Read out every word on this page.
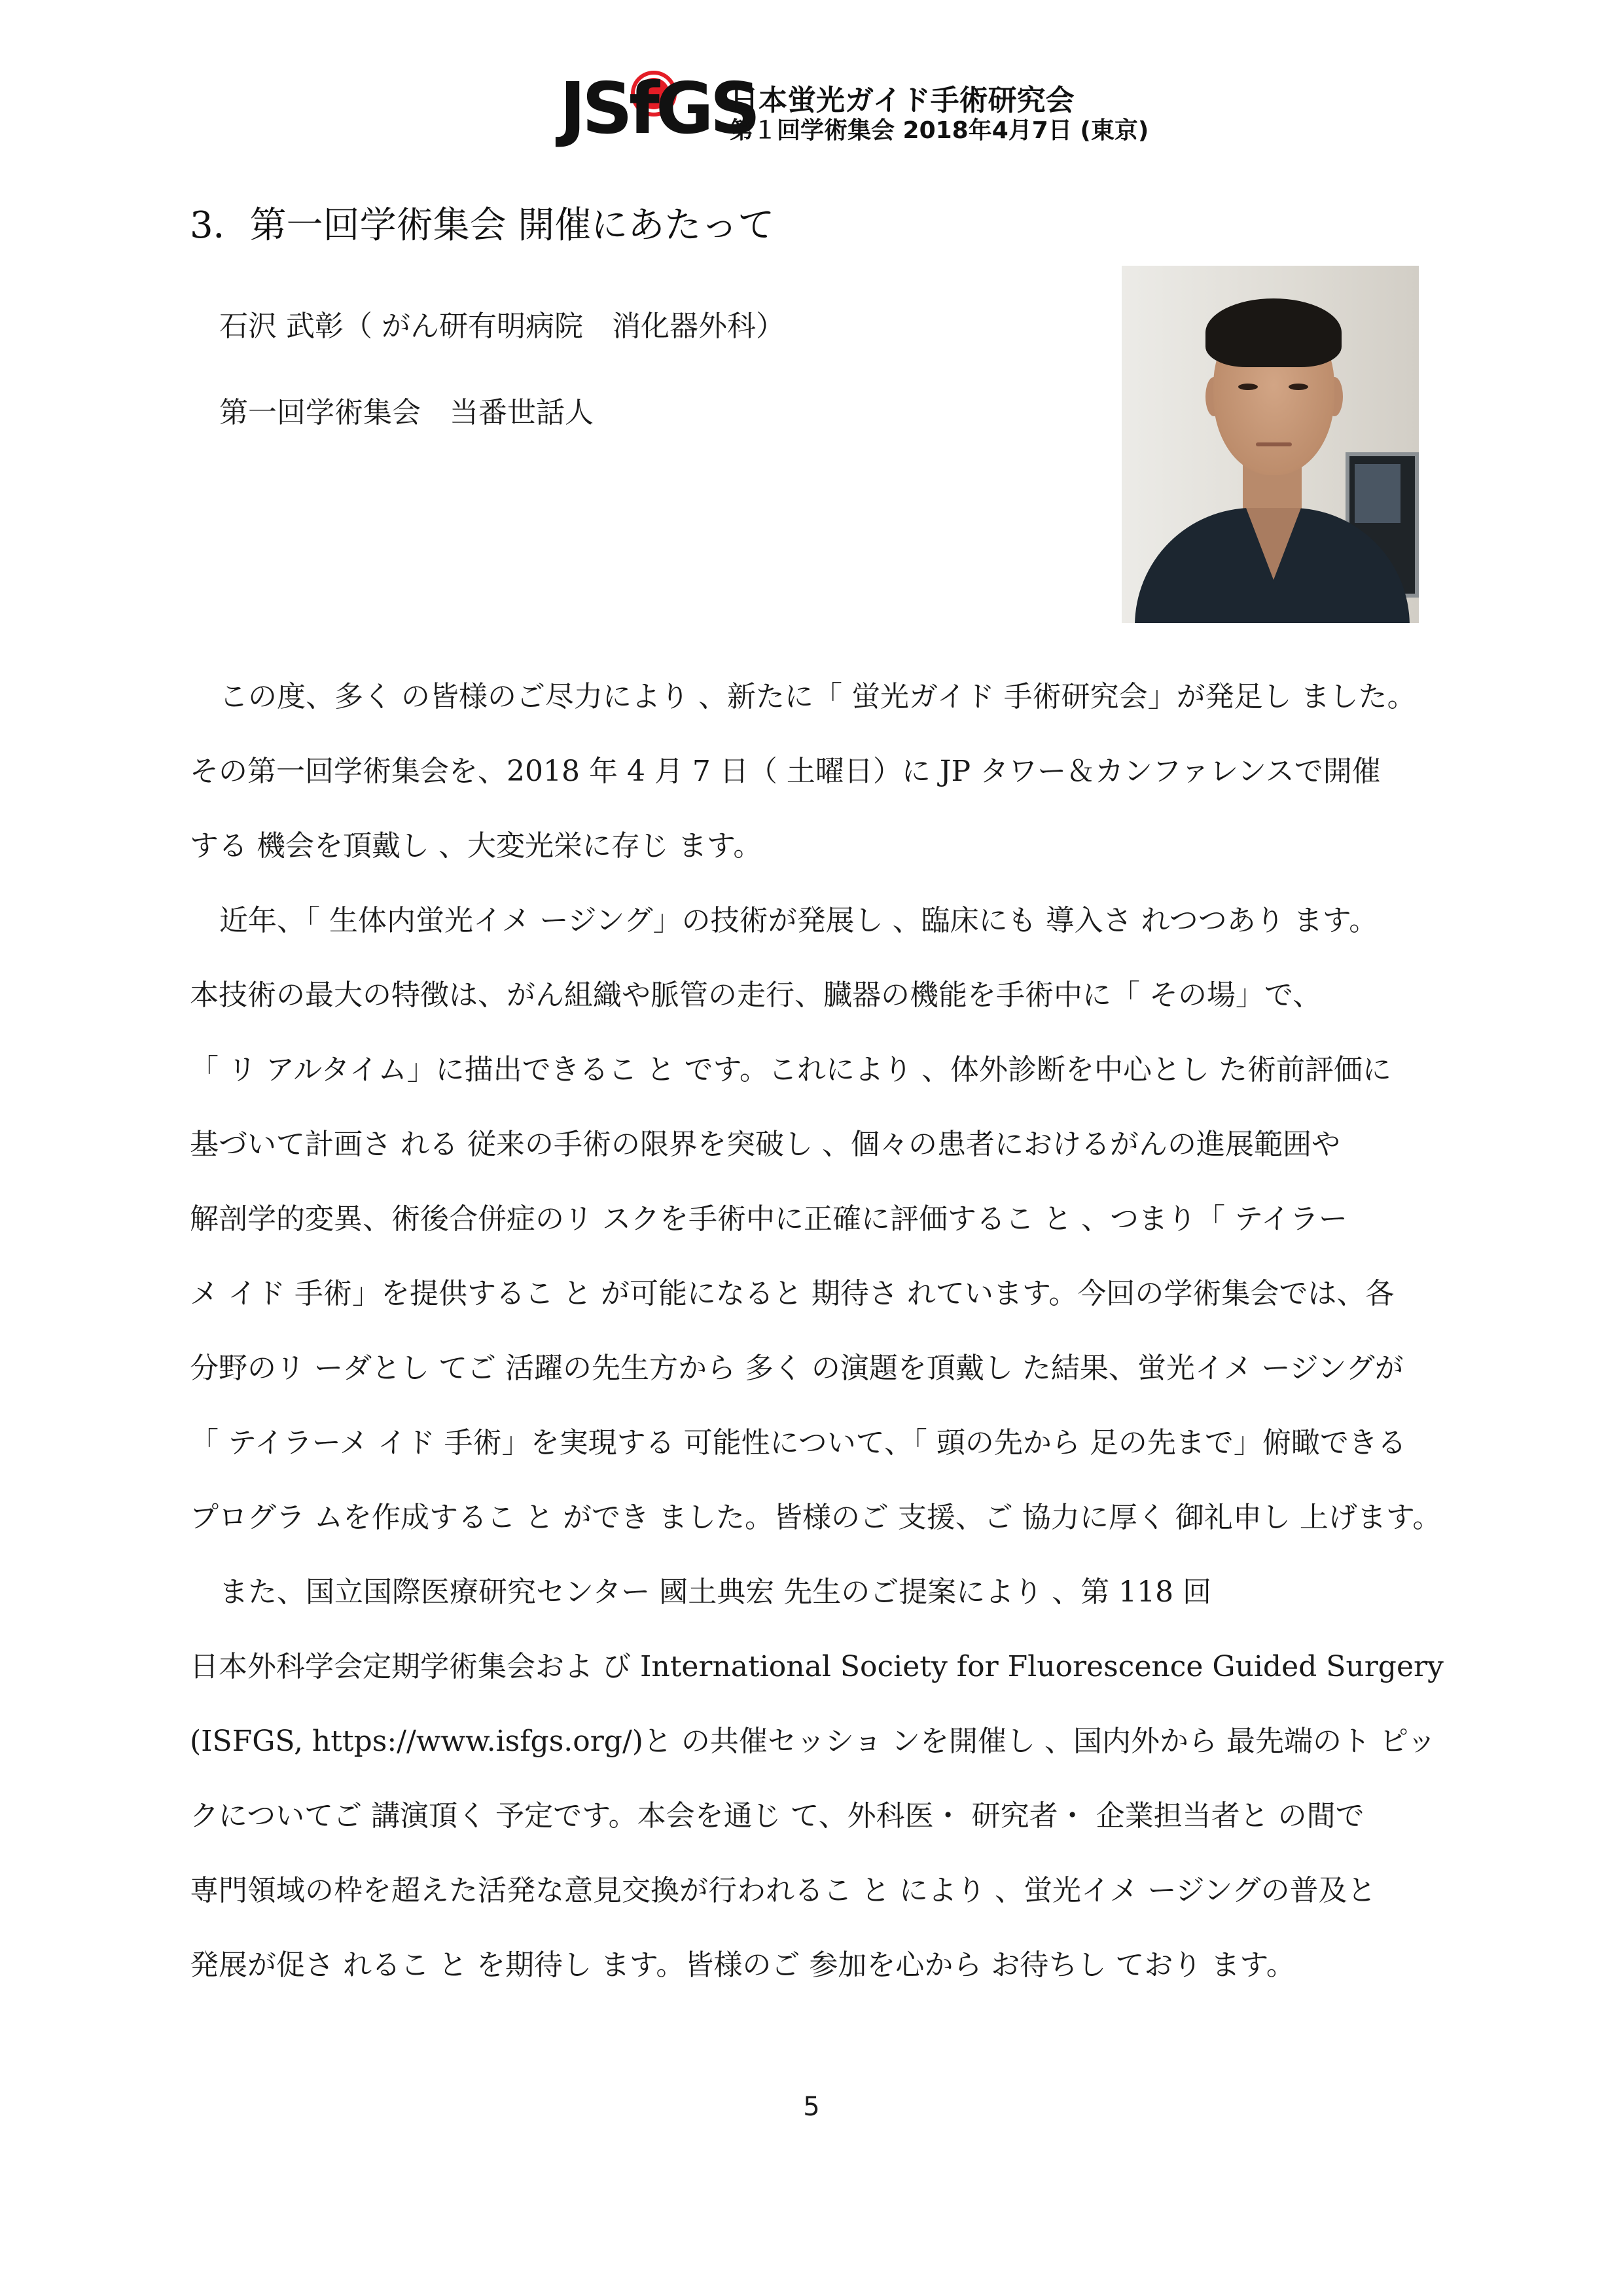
JSfGS
日本蛍光ガイド手術研究会
第１回学術集会 2018年4月7日 (東京)
3．第一回学術集会 開催にあたって
石沢 武彰（ がん研有明病院　消化器外科）
第一回学術集会　当番世話人
この度、多く の皆様のご尽力により 、新たに「 蛍光ガイド 手術研究会」が発足し ました。
その第一回学術集会を、2018 年 4 月 7 日（ 土曜日）に JP タワー＆カンファレンスで開催
する 機会を頂戴し 、大変光栄に存じ ます。
近年、「 生体内蛍光イメ ージング」の技術が発展し 、臨床にも 導入さ れつつあり ます。
本技術の最大の特徴は、がん組織や脈管の走行、臓器の機能を手術中に「 その場」で、
「 リ アルタイム」に描出できるこ と です。これにより 、体外診断を中心とし た術前評価に
基づいて計画さ れる 従来の手術の限界を突破し 、個々の患者におけるがんの進展範囲や
解剖学的変異、術後合併症のリ スクを手術中に正確に評価するこ と 、つまり「 テイラー
メ イド 手術」を提供するこ と が可能になると 期待さ れています。今回の学術集会では、各
分野のリ ーダとし てご 活躍の先生方から 多く の演題を頂戴し た結果、蛍光イメ ージングが
「 テイラーメ イド 手術」を実現する 可能性について、「 頭の先から 足の先まで」俯瞰できる
プログラ ムを作成するこ と ができ ました。皆様のご 支援、ご 協力に厚く 御礼申し 上げます。
また、国立国際医療研究センター 國土典宏 先生のご提案により 、第 118 回
日本外科学会定期学術集会およ び International Society for Fluorescence Guided Surgery
(ISFGS, https://www.isfgs.org/)と の共催セッショ ンを開催し 、国内外から 最先端のト ピッ
クについてご 講演頂く 予定です。本会を通じ て、外科医・ 研究者・ 企業担当者と の間で
専門領域の枠を超えた活発な意見交換が行われるこ と により 、蛍光イメ ージングの普及と
発展が促さ れるこ と を期待し ます。皆様のご 参加を心から お待ちし ており ます。
5
